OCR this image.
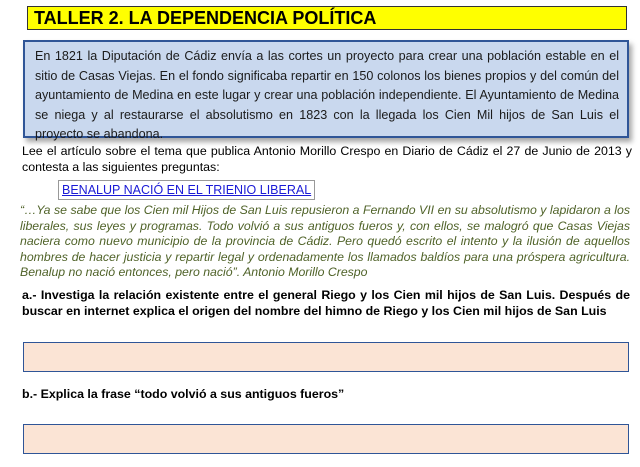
TALLER 2. LA DEPENDENCIA POLÍTICA
En 1821 la Diputación de Cádiz envía a las cortes un proyecto para crear una población estable en el sitio de Casas Viejas. En el fondo significaba repartir en 150 colonos los bienes propios y del común del ayuntamiento de Medina en este lugar y crear una población independiente. El Ayuntamiento de Medina se niega y al restaurarse el absolutismo en 1823 con la llegada los Cien Mil hijos de San Luis el proyecto se abandona.
Lee el artículo sobre el tema que publica Antonio Morillo Crespo en Diario de Cádiz el 27 de Junio de 2013 y contesta a las siguientes preguntas:
BENALUP NACIÓ EN EL TRIENIO LIBERAL
“…Ya se sabe que los Cien mil Hijos de San Luis repusieron a Fernando VII en su absolutismo y lapidaron a los liberales, sus leyes y programas. Todo volvió a sus antiguos fueros y, con ellos, se malogró que Casas Viejas naciera como nuevo municipio de la provincia de Cádiz. Pero quedó escrito el intento y la ilusión de aquellos hombres de hacer justicia y repartir legal y ordenadamente los llamados baldíos para una próspera agricultura. Benalup no nació entonces, pero nació”. Antonio Morillo Crespo
a.- Investiga la relación existente entre el general Riego y los Cien mil hijos de San Luis. Después de buscar en internet explica el origen del nombre del himno de Riego y los Cien mil hijos de San Luis
b.- Explica la frase “todo volvió a sus antiguos fueros”
